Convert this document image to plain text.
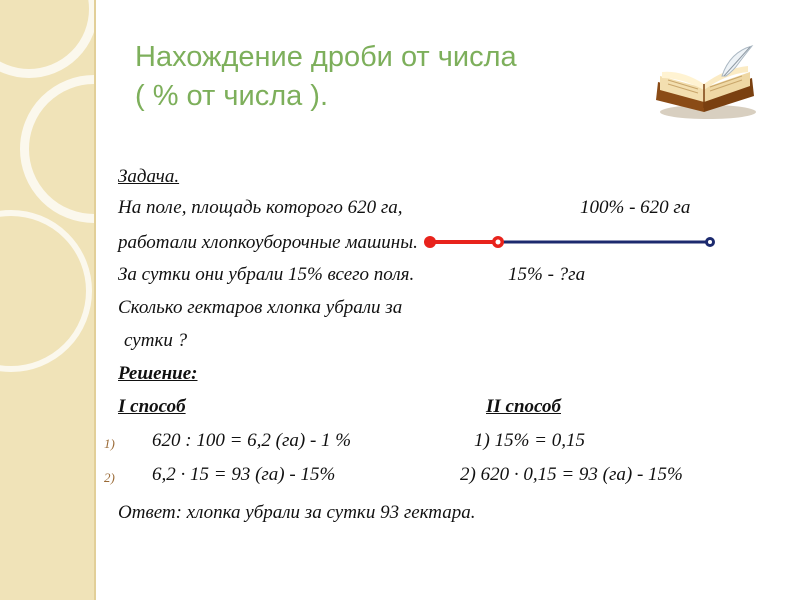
Нахождение дроби от числа
( % от числа ).
Задача.
На поле, площадь которого 620 га,	100% - 620 га
работали хлопкоуборочные машины.
За сутки они убрали 15% всего поля.	15% - ?га
Сколько гектаров хлопка убрали за
сутки ?
Решение:
I способ	II способ
1) 620 : 100 = 6,2 (га) - 1 %	1) 15% = 0,15
2) 6,2 · 15 = 93 (га) - 15%	2) 620 · 0,15 = 93 (га) - 15%
Ответ: хлопка убрали за сутки 93 гектара.
